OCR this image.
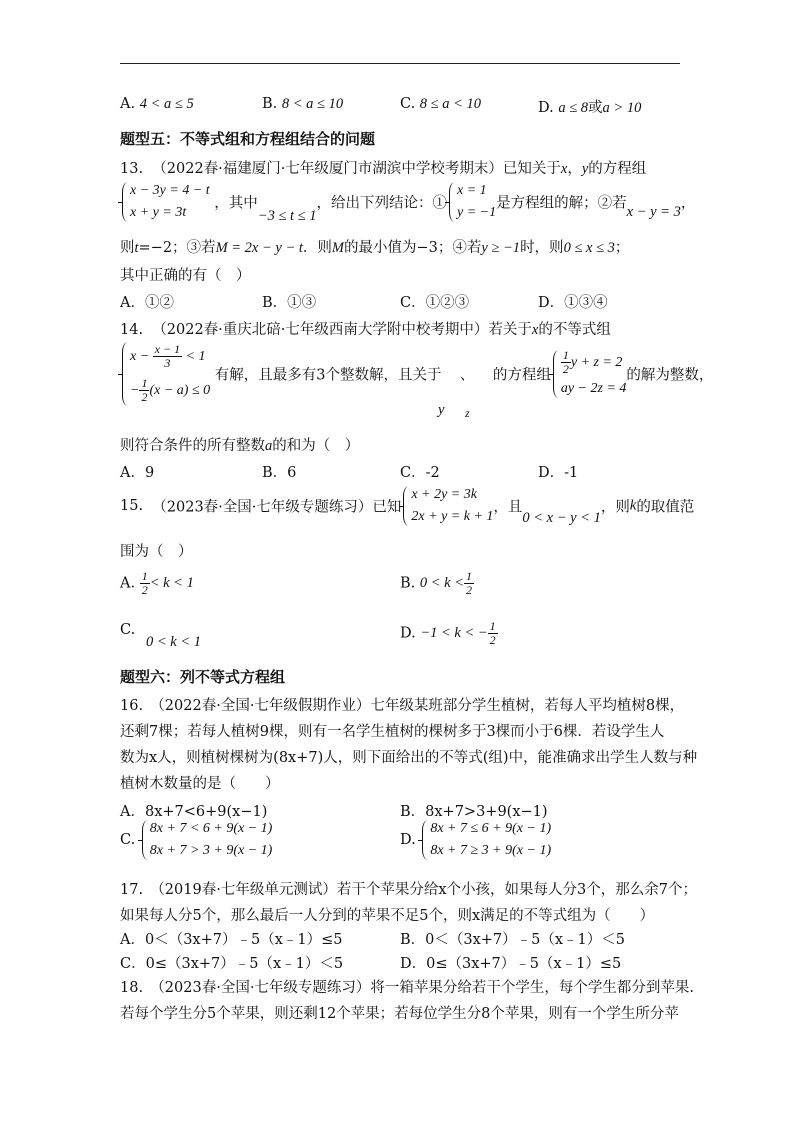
A. 4 < a ≤ 5	B. 8 < a ≤ 10	C. 8 ≤ a < 10	D. a ≤ 8或a > 10
题型五：不等式组和方程组结合的问题
13. （2022春·福建厦门·七年级厦门市湖滨中学校考期末）已知关于x，y的方程组
x − 3y = 4 − t
x + y = 3t
，其中−3 ≤ t ≤ 1，给出下列结论：①
x = 1
y = −1
是方程组的解；②若x − y = 3，
则t=−2；③若M = 2x − y − t．则M的最小值为−3；④若y ≥ −1时，则0 ≤ x ≤ 3；
其中正确的有（　）
A．①②	B．①③	C．①②③	D．①③④
14. （2022春·重庆北碚·七年级西南大学附中校考期中）若关于x的不等式组
$x - \frac{x - 1}{3} < 1$
− $\frac{1}{2} (x - a) \le 0$
有解，且最多有3个整数解，且关于 、 的方程组 $\frac{1}{2}$ y + z = 2
ay − 2z = 4
的解为整数，
y z
则符合条件的所有整数a的和为（　）
A．9	B．6	C．-2	D．-1
15. （2023春·全国·七年级专题练习）已知
x + 2y = 3k
2x + y = k + 1
，且0 < x − y < 1，则k的取值范
围为（　）
A. $\frac{1}{2} < k < 1$	B. $0 < k < \frac{1}{2}$
C.
0 < k < 1
D. −1 < k < − $\frac{1}{2}$
题型六：列不等式方程组
16.　（2022春·全国·七年级假期作业）七年级某班部分学生植树，若每人平均植树8棵，
还剩7棵；若每人植树9棵，则有一名学生植树的棵树多于3棵而小于6棵．若设学生人
数为x人，则植树棵树为(8x+7)人，则下面给出的不等式(组)中，能准确求出学生人数与种
植树木数量的是（　　）
A．8x+7<6+9(x−1)	B．8x+7>3+9(x−1)
C.
8x + 7 < 6 + 9(x − 1)
8x + 7 > 3 + 9(x − 1)
D.
8x + 7 ≤ 6 + 9(x − 1)
8x + 7 ≥ 3 + 9(x − 1)
17.　（2019春·七年级单元测试）若干个苹果分给x个小孩，如果每人分3个，那么余7个；
如果每人分5个，那么最后一人分到的苹果不足5个，则x满足的不等式组为（　　）
A．0＜（3x+7）﹣5（x﹣1）≤5	B．0＜（3x+7）﹣5（x﹣1）＜5
C．0≤（3x+7）﹣5（x﹣1）＜5	D．0≤（3x+7）﹣5（x﹣1）≤5
18.　（2023春·全国·七年级专题练习）将一箱苹果分给若干个学生，每个学生都分到苹果.
若每个学生分5个苹果，则还剩12个苹果；若每位学生分8个苹果，则有一个学生所分苹
